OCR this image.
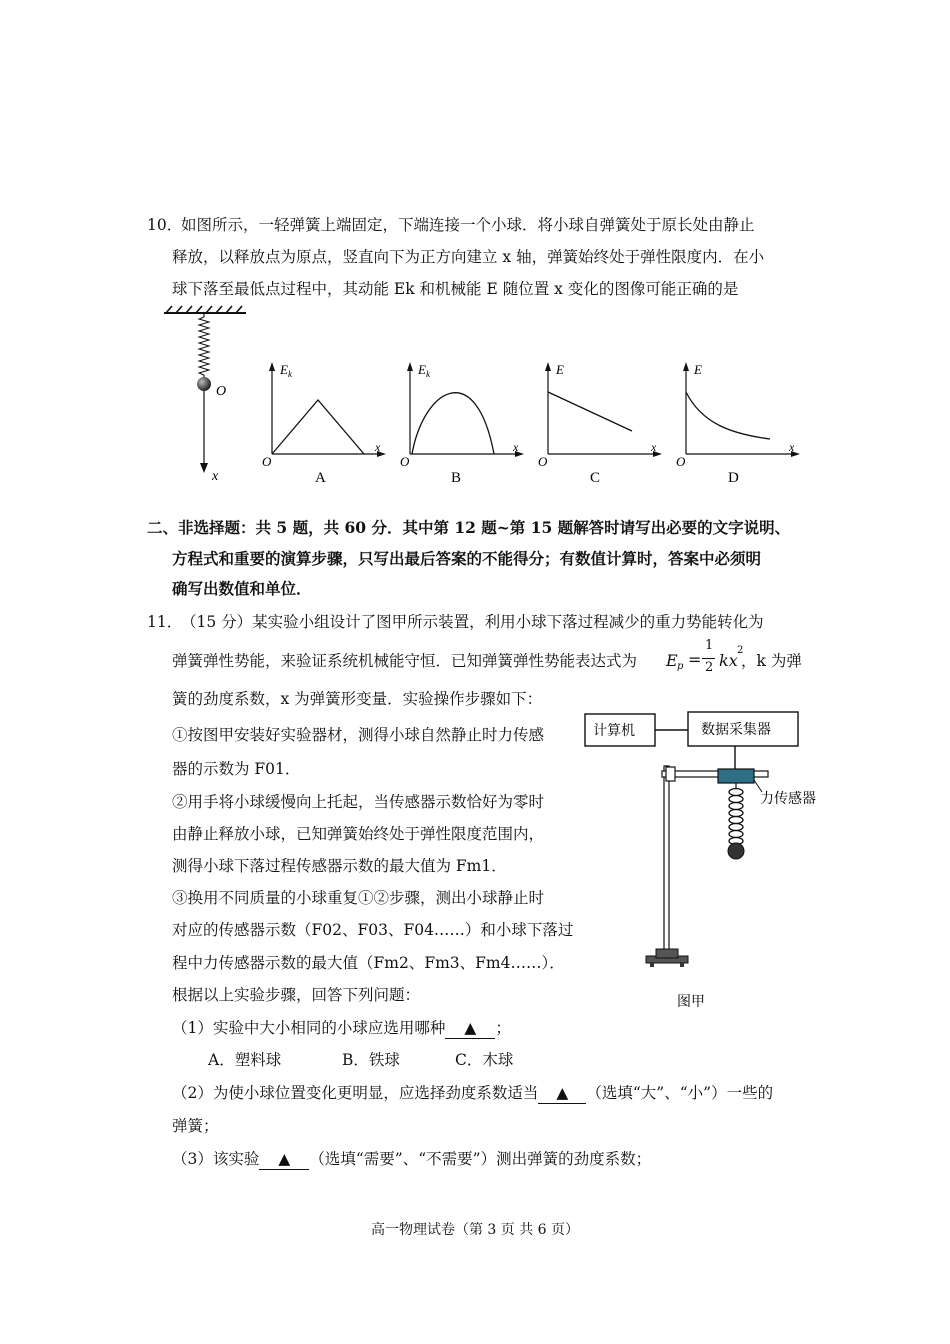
10．
如图所示，一轻弹簧上端固定，下端连接一个小球．将小球自弹簧处于原长处由静止
释放，以释放点为原点，竖直向下为正方向建立 x 轴，弹簧始终处于弹性限度内．在小
球下落至最低点过程中，其动能 Ek 和机械能 E 随位置 x 变化的图像可能正确的是
O
x
$E_k$
O
x
A
$E_k$
O
x
B
E
O
x
C
E
O
x
D
二、非选择题：共 5 题，共 60 分．其中第 12 题~第 15 题解答时请写出必要的文字说明、
方程式和重要的演算步骤，只写出最后答案的不能得分；有数值计算时，答案中必须明
确写出数值和单位．
11．
（15 分）某实验小组设计了图甲所示装置，利用小球下落过程减少的重力势能转化为
弹簧弹性势能，来验证系统机械能守恒．已知弹簧弹性势能表达式为 E p =
1
2 kx
2
，k 为弹
簧的劲度系数，x 为弹簧形变量．实验操作步骤如下：
①按图甲安装好实验器材，测得小球自然静止时力传感
器的示数为 F01．
②用手将小球缓慢向上托起，当传感器示数恰好为零时
由静止释放小球，已知弹簧始终处于弹性限度范围内，
测得小球下落过程传感器示数的最大值为 Fm1．
③换用不同质量的小球重复①②步骤，测出小球静止时
对应的传感器示数（F02、F03、F04……）和小球下落过
程中力传感器示数的最大值（Fm2、Fm3、Fm4……）．
根据以上实验步骤，回答下列问题：
计算机	数据采集器
力传感器
图甲
（1）实验中大小相同的小球应选用哪种 ▲ ；
A．塑料球	B．铁球	C．木球
（2）为使小球位置变化更明显，应选择劲度系数适当 ▲ （选填“大”、“小”）一些的
弹簧；
（3）该实验 ▲ （选填“需要”、“不需要”）测出弹簧的劲度系数；
高一物理试卷（第 3 页 共 6 页）
